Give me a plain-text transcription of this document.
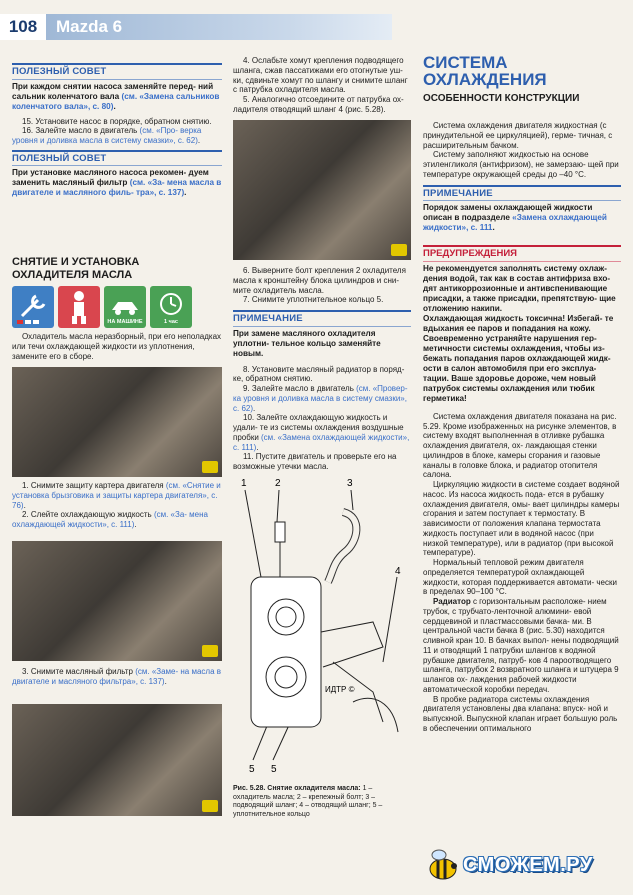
108	Mazda 6
ПОЛЕЗНЫЙ СОВЕТ
При каждом снятии насоса заменяйте перед- ний сальник коленчатого вала (см. «Замена сальников коленчатого вала», с. 80).

15. Установите насос в порядке, обратном снятию.

16. Залейте масло в двигатель (см. «Про- верка уровня и доливка масла в систему смазки», с. 62).

ПОЛЕЗНЫЙ СОВЕТ
При установке масляного насоса рекомен- дуем заменить масляный фильтр (см. «За- мена масла в двигателе и масляного филь- тра», с. 137).
СНЯТИЕ И УСТАНОВКА ОХЛАДИТЕЛЯ МАСЛА
НА МАШИНЕ	1 час

Охладитель масла неразборный, при его неполадках или течи охлаждающей жидкости из уплотнения, замените его в сборе.

1. Снимите защиту картера двигателя (см. «Снятие и установка брызговика и защиты картера двигателя», с. 76).

2. Слейте охлаждающую жидкость (см. «За- мена охлаждающей жидкости», с. 111).

3. Снимите масляный фильтр (см. «Заме- на масла в двигателе и масляного фильтра», с. 137).

4. Ослабьте хомут крепления подводящего шланга, сжав пассатижами его отогнутые уш- ки, сдвиньте хомут по шлангу и снимите шланг с патрубка охладителя масла.

5. Аналогично отсоедините от патрубка ох- ладителя отводящий шланг 4 (рис. 5.28).

6. Выверните болт крепления 2 охладителя масла к кронштейну блока цилиндров и сни- мите охладитель масла.

7. Снимите уплотнительное кольцо 5.

ПРИМЕЧАНИЕ
При замене масляного охладителя уплотни- тельное кольцо заменяйте новым.

8. Установите масляный радиатор в поряд- ке, обратном снятию.

9. Залейте масло в двигатель (см. «Провер- ка уровня и доливка масла в систему смазки», с. 62).

10. Залейте охлаждающую жидкость и удали- те из системы охлаждения воздушные пробки (см. «Замена охлаждающей жидкости», с. 111).

11. Пустите двигатель и проверьте его на возможные утечки масла.

1	2	3
4
5 5
ИДТР ©
Рис. 5.28. Снятие охладителя масла: 1 – охладитель масла; 2 – крепежный болт; 3 – подводящий шланг; 4 – отводящий шланг; 5 – уплотнительное кольцо
СИСТЕМА ОХЛАЖДЕНИЯ
ОСОБЕННОСТИ КОНСТРУКЦИИ

Система охлаждения двигателя жидкостная (с принудительной ее циркуляцией), герме- тичная, с расширительным бачком.

Систему заполняют жидкостью на основе этиленгликоля (антифризом), не замерзаю- щей при температуре окружающей среды до –40 °С.

ПРИМЕЧАНИЕ
Порядок замены охлаждающей жидкости описан в подразделе «Замена охлаждающей жидкости», с. 111.
ПРЕДУПРЕЖДЕНИЯ
Не рекомендуется заполнять систему охлаж- дения водой, так как в состав антифриза вхо- дят антикоррозионные и антивспенивающие присадки, а также присадки, препятствую- щие отложению накипи.
Охлаждающая жидкость токсична! Избегай- те вдыхания ее паров и попадания на кожу.
Своевременно устраняйте нарушения гер- метичности системы охлаждения, чтобы из- бежать попадания паров охлаждающей жидк- ости в салон автомобиля при его эксплуа- тации. Ваше здоровье дороже, чем новый патрубок системы охлаждения или тюбик герметика!

Система охлаждения двигателя показана на рис. 5.29. Кроме изображенных на рисунке элементов, в систему входят выполненная в отливке рубашка охлаждения двигателя, ох- лаждающая стенки цилиндров в блоке, камеры сгорания и газовые каналы в головке блока, и радиатор отопителя салона.

Циркуляцию жидкости в системе создает водяной насос. Из насоса жидкость пода- ется в рубашку охлаждения двигателя, омы- вает цилиндры камеры сгорания и затем поступает к термостату. В зависимости от положения клапана термостата жидкость поступает или в водяной насос (при низкой температуре), или в радиатор (при высокой температуре).

Нормальный тепловой режим двигателя определяется температурой охлаждающей жидкости, которая поддерживается автомати- чески в пределах 90–100 °С.

Радиатор с горизонтальным расположе- нием трубок, с трубчато-ленточной алюмини- евой сердцевиной и пластмассовыми бачка- ми. В центральной части бачка 8 (рис. 5.30) находится сливной кран 10. В бачках выпол- нены подводящий 11 и отводящий 1 патрубки шлангов к водяной рубашке двигателя, патруб- ков 4 пароотводящего шланга, патрубок 2 возвратного шланга и штуцера 9 шлангов ох- лаждения рабочей жидкости автоматической коробки передач.

В пробке радиатора системы охлаждения двигателя установлены два клапана: впуск- ной и выпускной. Выпускной клапан играет большую роль в обеспечении оптимального

СМОЖЕМ.РУ
